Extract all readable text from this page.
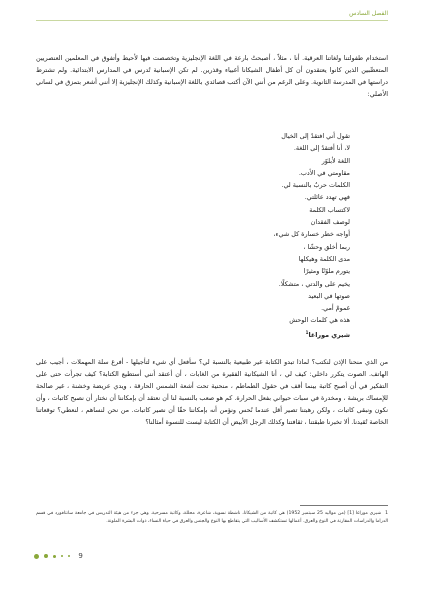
الفصل السادس

استخدام طفولتنا ولغاتنا العرقية. أنا ، مثلاً ، أصبحتُ بارعة في اللغة الإنجليزية وتخصصت فيها لأحيط وأتفوق في المعلمين العنصريين المتعصِّبين الذين كانوا يعتقدون أن كل أطفال الشيكانا أغبياء وقذرين. لم تكن الإسبانية تُدرس في المدارس الابتدائية. ولم تشترط دراستها في المدرسة الثانوية. وعلى الرغم من أنني الآن أكتب قصائدي باللغة الإسبانية وكذلك الإنجليزية إلا أنني أشعر بتمزق في لساني الأصلي:

تقول أني افتقدُ إلى الخيال
لا، أنا أفتقدُ إلى اللغة.
اللغة لأبلوّر
مقاومتي في الأدب.
الكلمات حربٌ بالنسبة لي.
فهي تهدد عائلتي.
لاكتساب الكلمة
لوصف الفقدان
أواجه خطر خسارة كل شيء،
ربما أخلق وحشًا ،
مدى الكلمة وهيكلها
يتورم ملوّنًا ومثيرًا
يخيم على والدتي ، متشكلًا.
صوتها في البعيد
غمومٌ أمي.
هذه هي كلمات الوحش
شيري موراغا$^1$

من الذي منحنا الإذن لنكتب؟ لماذا تبدو الكتابة غير طبيعية بالنسبة لي؟ سأفعل أي شيء لتأجيلها - أفرغ سلة المهملات ، أجيب على الهاتف. الصوت يتكرر داخلي: كيف لي ، أنا الشيكانية الفقيرة من الغابات ، أن أعتقد أنني أستطيع الكتابة؟ كيف تجرأت حتى على التفكير في أن أصبح كاتبة بينما أقف في حقول الطماطم ، منحنية تحت أشعة الشمس الحارقة ، ويدي عريضة وخشنة ، غير صالحة للإمساك بريشة ، ومخدرة في سبات حيواني بفعل الحرارة. كم هو صعب بالنسبة لنا أن نعتقد أن بإمكاننا أن نختار أن نصبح كاتبات ، وأن نكون ونبقى كاتبات ، ولكن رهبتنا تصير أقل عندما نُحس ونؤمن أنه بإمكاننا حقًا أن نصير كاتبات. من نحن لنساهم ، لنعطي؟ توقعاتنا الخاصة تُقيدنا. ألا تخبرنا طبقتنا ، ثقافتنا وكذلك الرجل الأبيض أن الكتابة ليست للنسوة أمثالنا؟

1شيري موراغا [1] (من مواليد 25 سبتمبر 1952) هي كاتبة من الشيكانا، ناشطة نسوية، شاعرة، محللة، وكاتبة مسرحية. وهي جزء من هيئة التدريس في جامعة سانتافورد في قسم الدراما والدراسات المقارنة في النوع والعرق. أعمالها تستكشف الأساليب التي يتقاطع بها النوع والجنس والعرق في حياة النساء، ذوات البشرة الملونة.

9
